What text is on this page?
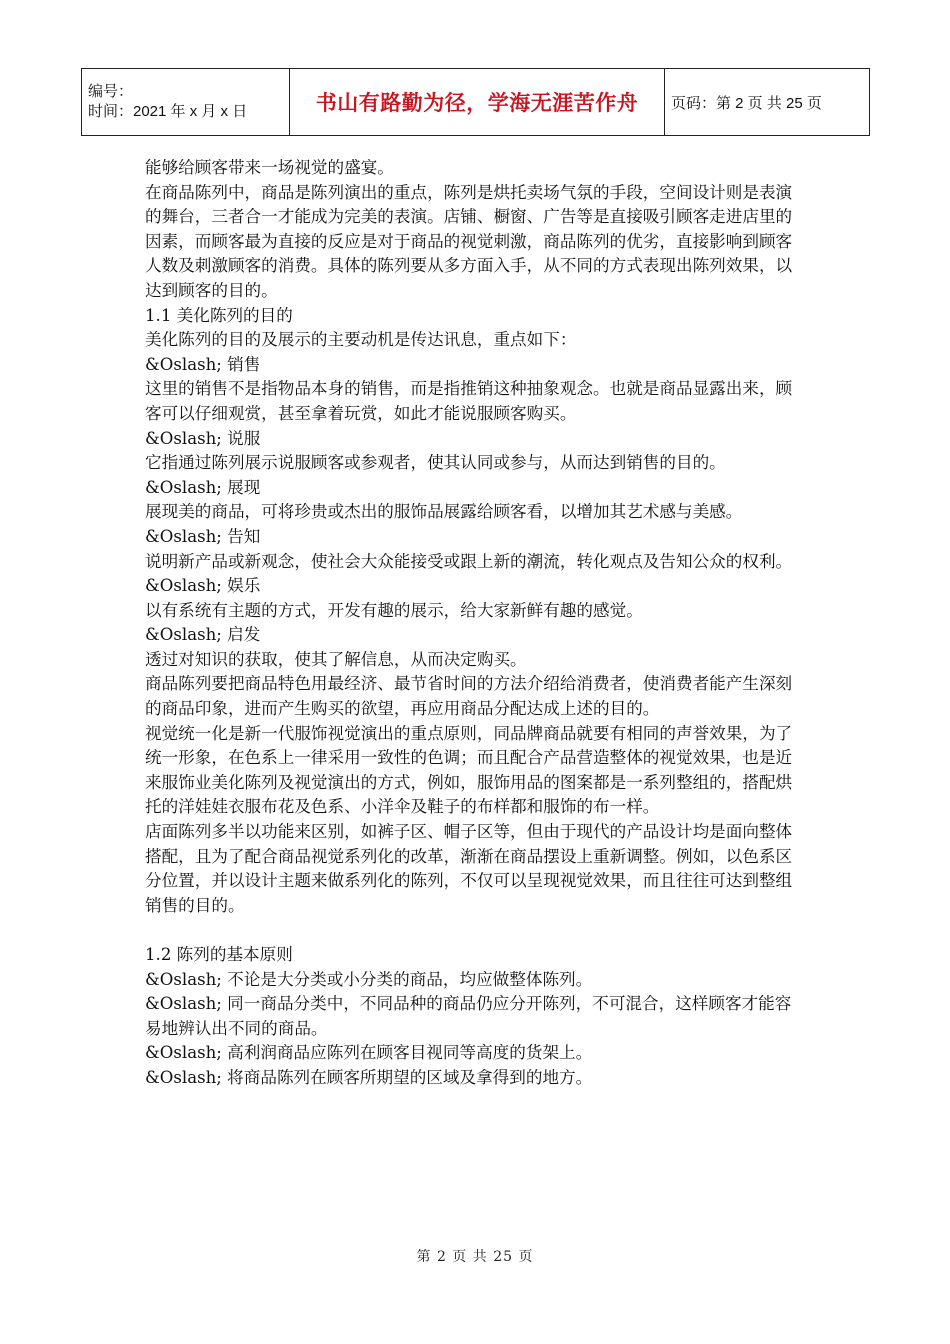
编号：
时间：2021 年 x 月 x 日	书山有路勤为径，学海无涯苦作舟	页码：第 2 页 共 25 页

能够给顾客带来一场视觉的盛宴。

在商品陈列中，商品是陈列演出的重点，陈列是烘托卖场气氛的手段，空间设计则是表演的舞台，三者合一才能成为完美的表演。店铺、橱窗、广告等是直接吸引顾客走进店里的因素，而顾客最为直接的反应是对于商品的视觉刺激，商品陈列的优劣，直接影响到顾客人数及刺激顾客的消费。具体的陈列要从多方面入手，从不同的方式表现出陈列效果，以达到顾客的目的。

1.1 美化陈列的目的

美化陈列的目的及展示的主要动机是传达讯息，重点如下：

&Oslash; 销售

这里的销售不是指物品本身的销售，而是指推销这种抽象观念。也就是商品显露出来，顾客可以仔细观赏，甚至拿着玩赏，如此才能说服顾客购买。

&Oslash; 说服

它指通过陈列展示说服顾客或参观者，使其认同或参与，从而达到销售的目的。

&Oslash; 展现

展现美的商品，可将珍贵或杰出的服饰品展露给顾客看，以增加其艺术感与美感。

&Oslash; 告知

说明新产品或新观念，使社会大众能接受或跟上新的潮流，转化观点及告知公众的权利。

&Oslash; 娱乐

以有系统有主题的方式，开发有趣的展示，给大家新鲜有趣的感觉。

&Oslash; 启发

透过对知识的获取，使其了解信息，从而决定购买。

商品陈列要把商品特色用最经济、最节省时间的方法介绍给消费者，使消费者能产生深刻的商品印象，进而产生购买的欲望，再应用商品分配达成上述的目的。

视觉统一化是新一代服饰视觉演出的重点原则，同品牌商品就要有相同的声誉效果，为了统一形象，在色系上一律采用一致性的色调；而且配合产品营造整体的视觉效果，也是近来服饰业美化陈列及视觉演出的方式，例如，服饰用品的图案都是一系列整组的，搭配烘托的洋娃娃衣服布花及色系、小洋伞及鞋子的布样都和服饰的布一样。

店面陈列多半以功能来区别，如裤子区、帽子区等，但由于现代的产品设计均是面向整体搭配，且为了配合商品视觉系列化的改革，渐渐在商品摆设上重新调整。例如，以色系区分位置，并以设计主题来做系列化的陈列，不仅可以呈现视觉效果，而且往往可达到整组销售的目的。

1.2 陈列的基本原则

&Oslash; 不论是大分类或小分类的商品，均应做整体陈列。

&Oslash; 同一商品分类中，不同品种的商品仍应分开陈列，不可混合，这样顾客才能容易地辨认出不同的商品。

&Oslash; 高利润商品应陈列在顾客目视同等高度的货架上。

&Oslash; 将商品陈列在顾客所期望的区域及拿得到的地方。

第 2 页 共 25 页
